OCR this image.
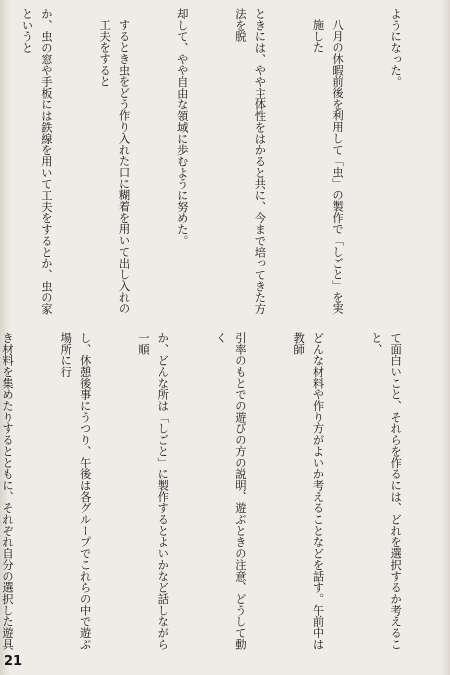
ようになった。

八月の休暇前後を利用して「虫」の製作で「しごと」を実施した

ときには、やや主体性をはかると共に、今まで培ってきた方法を脱

却して、やや自由な領域に歩むように努めた。

するとき虫をどう作り入れた口に糊着を用いて出し入れの工夫をすると

か、虫の窓や手板には鉄線を用いて工夫をするとか、虫の家というと

て面白いこと、それらを作るには、どれを選択するか考えること、

どんな材料や作り方がよいか考えることなどを話す。午前中は教師

引率のもとでの遊びの方の説明、遊ぶときの注意、どうして動く

か、どんな所は「しごと」に製作するとよいかなど話しながら一順

し、休憩後事にうつり、午後は各グループでこれらの中で遊ぶ場所に行

き材料を集めたりするとともに、それぞれ自分の選択した遊具

21
